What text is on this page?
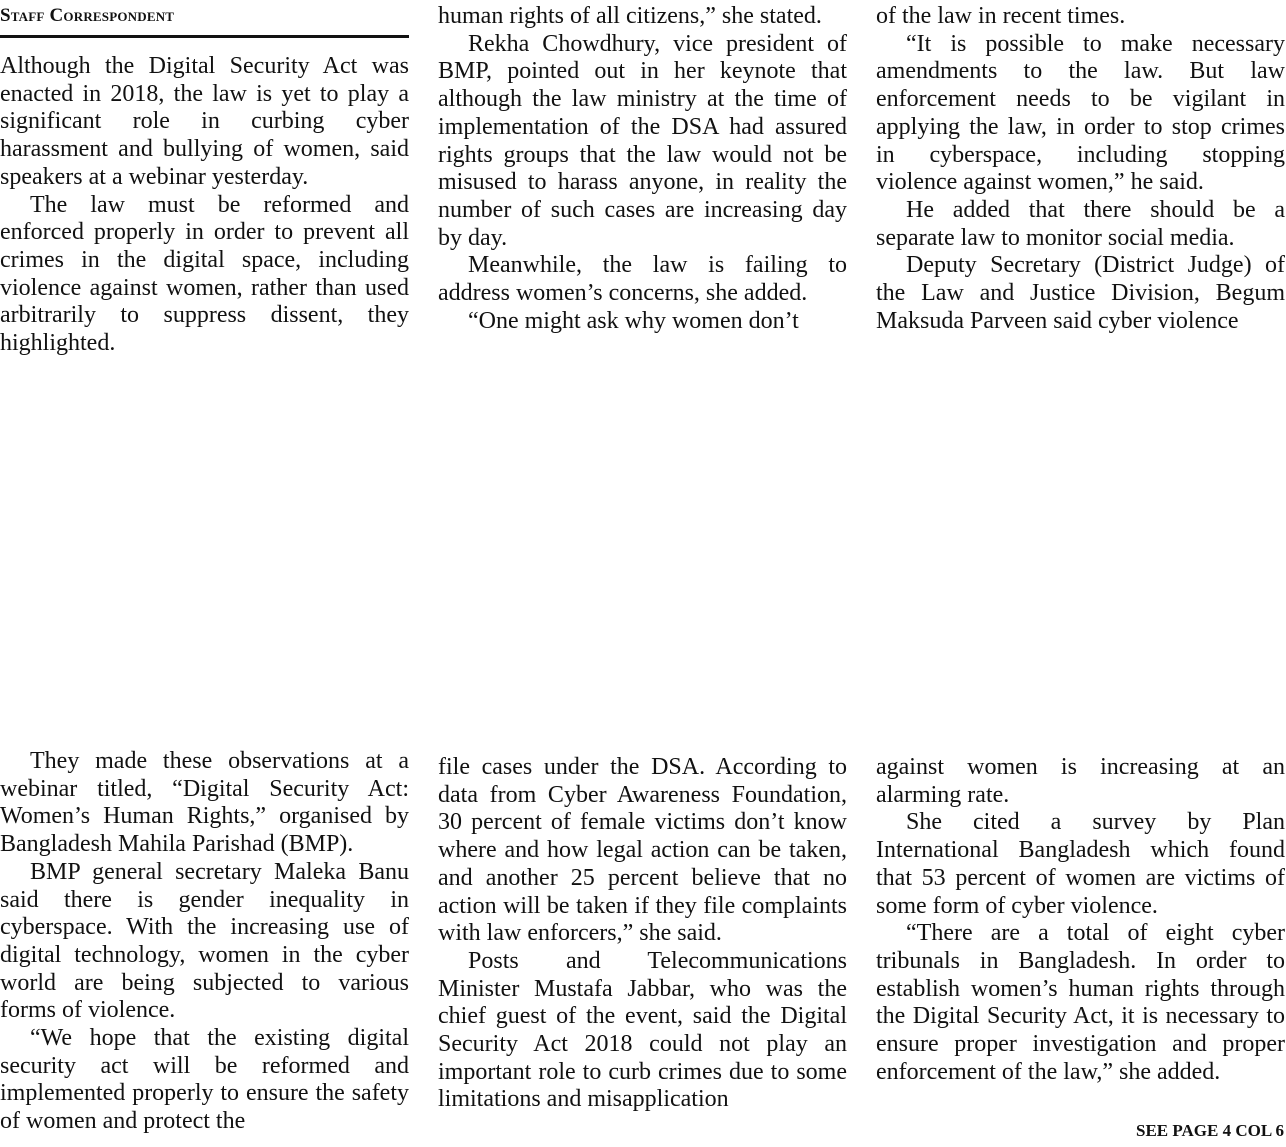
Staff Correspondent

Although the Digital Security Act was enacted in 2018, the law is yet to play a significant role in curbing cyber harassment and bullying of women, said speakers at a webinar yesterday.

The law must be reformed and enforced properly in order to prevent all crimes in the digital space, including violence against women, rather than used arbitrarily to suppress dissent, they highlighted.

human rights of all citizens,” she stated.

Rekha Chowdhury, vice president of BMP, pointed out in her keynote that although the law ministry at the time of implementation of the DSA had assured rights groups that the law would not be misused to harass anyone, in reality the number of such cases are increasing day by day.

Meanwhile, the law is failing to address women’s concerns, she added.

“One might ask why women don’t

of the law in recent times.

“It is possible to make necessary amendments to the law. But law enforcement needs to be vigilant in applying the law, in order to stop crimes in cyberspace, including stopping violence against women,” he said.

He added that there should be a separate law to monitor social media.

Deputy Secretary (District Judge) of the Law and Justice Division, Begum Maksuda Parveen said cyber violence

They made these observations at a webinar titled, “Digital Security Act: Women’s Human Rights,” organised by Bangladesh Mahila Parishad (BMP).

BMP general secretary Maleka Banu said there is gender inequality in cyberspace. With the increasing use of digital technology, women in the cyber world are being subjected to various forms of violence.

“We hope that the existing digital security act will be reformed and implemented properly to ensure the safety of women and protect the

file cases under the DSA. According to data from Cyber Awareness Foundation, 30 percent of female victims don’t know where and how legal action can be taken, and another 25 percent believe that no action will be taken if they file complaints with law enforcers,” she said.

Posts and Telecommunications Minister Mustafa Jabbar, who was the chief guest of the event, said the Digital Security Act 2018 could not play an important role to curb crimes due to some limitations and misapplication

against women is increasing at an alarming rate.

She cited a survey by Plan International Bangladesh which found that 53 percent of women are victims of some form of cyber violence.

“There are a total of eight cyber tribunals in Bangladesh. In order to establish women’s human rights through the Digital Security Act, it is necessary to ensure proper investigation and proper enforcement of the law,” she added.

SEE PAGE 4 COL 6
